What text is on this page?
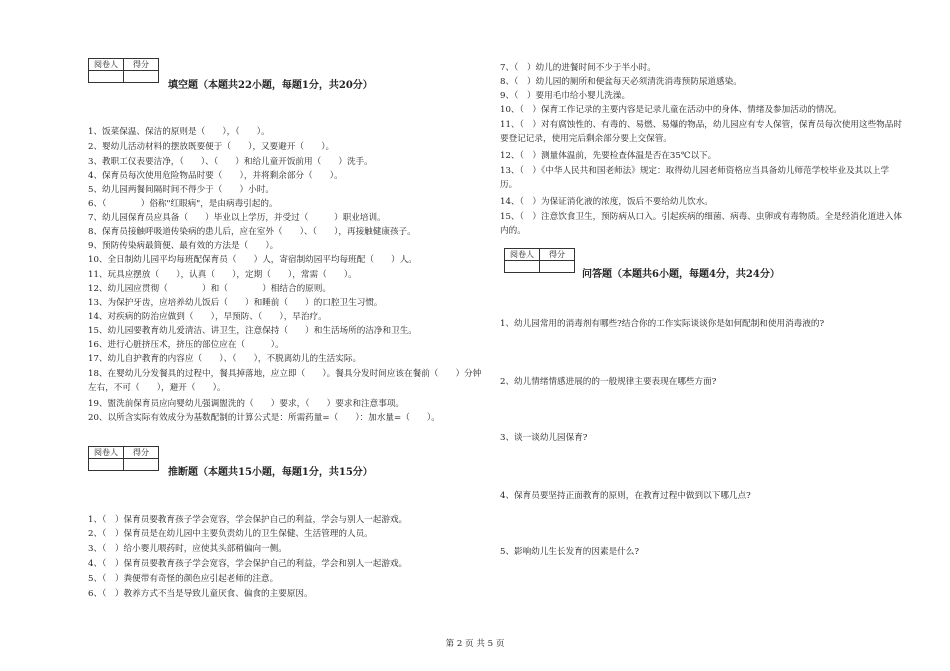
阅卷人	得分

填空题（本题共22小题，每题1分，共20分）
1、饭菜保温、保洁的原则是（　　），（　　）。
2、婴幼儿活动材料的摆放既要便于（　　），又要避开（　　）。
3、教职工仪表要洁净，（　　）、（　　）和给儿童开饭前用（　　）洗手。
4、保育员每次使用危险物品时要（　　），并将剩余部分（　　）。
5、幼儿园两餐间隔时间不得少于（　　）小时。
6、（　　　　）俗称"红眼病"，是由病毒引起的。
7、幼儿园保育员应具备（　　）毕业以上学历，并受过（　　　）职业培训。
8、保育员接触呼吸道传染病的患儿后，应在室外（　　）、（　　），再接触健康孩子。
9、预防传染病最简便、最有效的方法是（　　）。
10、全日制幼儿园平均每班配保育员（　　）人，寄宿制幼园平均每班配（　　）人。
11、玩具应摆放（　　），认真（　　），定期（　　），常需（　　）。
12、幼儿园应贯彻（　　　　）和（　　　　）相结合的原则。
13、为保护牙齿，应培养幼儿饭后（　　）和睡前（　　）的口腔卫生习惯。
14、对疾病的防治应做到（　　），早预防、（　　），早治疗。
15、幼儿园要教育幼儿爱清洁、讲卫生，注意保持（　　）和生活场所的洁净和卫生。
16、进行心脏挤压术，挤压的部位应在（　　　）。
17、幼儿自护教育的内容应（　　）、（　　），不脱离幼儿的生活实际。
18、在婴幼儿分发餐具的过程中，餐具掉落地，应立即（　　）。餐具分发时间应该在餐前（　　）分钟左右，不可（　　），避开（　　）。
19、盥洗前保育员应向婴幼儿强调盥洗的（　　）要求，（　　）要求和注意事项。
20、以所含实际有效成分为基数配制的计算公式是：所需药量=（　　）：加水量=（　　）。
阅卷人	得分

推断题（本题共15小题，每题1分，共15分）
1、（　）保育员要教育孩子学会宽容，学会保护自己的利益，学会与别人一起游戏。
2、（　）保育员是在幼儿园中主要负责幼儿的卫生保健、生活管理的人员。
3、（　）给小婴儿喂药时，应使其头部稍偏向一侧。
4、（　）保育员要教育孩子学会宽容，学会保护自己的利益，学会和别人一起游戏。
5、（　）粪便带有奇怪的颜色应引起老师的注意。
6、（　）教养方式不当是导致儿童厌食、偏食的主要原因。
7、（　）幼儿的进餐时间不少于半小时。
8、（　）幼儿园的厕所和便盆每天必须清洗消毒预防尿道感染。
9、（　）要用毛巾给小婴儿洗澡。
10、（　）保育工作记录的主要内容是记录儿童在活动中的身体、情绪及参加活动的情况。
11、（　）对有腐蚀性的、有毒的、易燃、易爆的物品，幼儿园应有专人保管，保育员每次使用这些物品时要登记记录，使用完后剩余部分要上交保管。
12、（　）测量体温前，先要检查体温是否在35℃以下。
13、（　）《中华人民共和国老师法》规定：取得幼儿园老师资格应当具备幼儿师范学校毕业及其以上学历。
14、（　）为保证消化液的浓度，饭后不要给幼儿饮水。
15、（　）注意饮食卫生，预防病从口入。引起疾病的细菌、病毒、虫卵或有毒物质。全是经消化道进入体内的。
阅卷人	得分

问答题（本题共6小题，每题4分，共24分）
1、幼儿园常用的消毒剂有哪些?结合你的工作实际谈谈你是如何配制和使用消毒液的?
2、幼儿情绪情感进展的的一般规律主要表现在哪些方面?
3、谈一谈幼儿园保育?
4、保育员要坚持正面教育的原则，在教育过程中做到以下哪几点?
5、影响幼儿生长发育的因素是什么?
第 2 页 共 5 页
